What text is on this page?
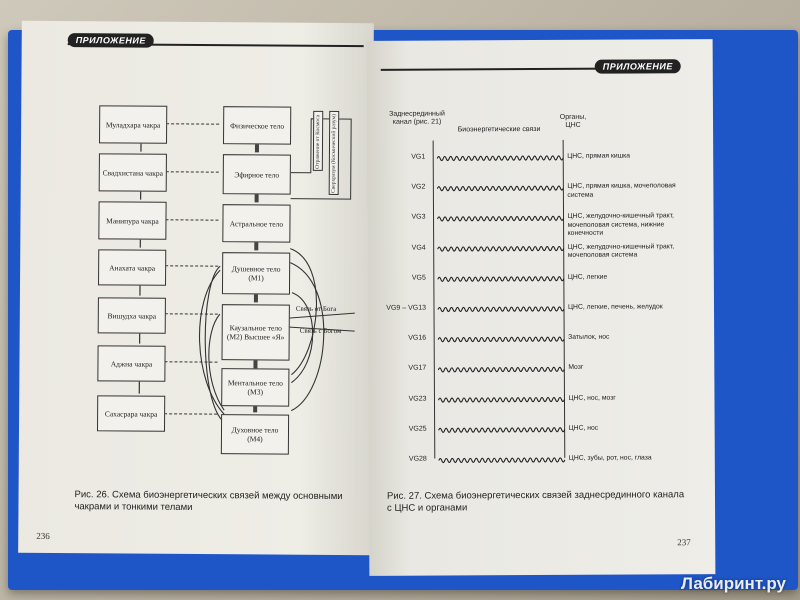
ПРИЛОЖЕНИЕ
Муладхара чакра
Свадхистана чакра
Манипура чакра
Анахата чакра
Вишудха чакра
Аджна чакра
Сахасрара чакра
Физическое тело
Эфирное тело
Астральное тело
Душевное тело (M1)
Каузальное тело (M2) Высшее «Я»
Ментальное тело (M3)
Духовное тело (M4)
Отражение от Космоса	Сверхразум (Космический разум)
Связь от Бога
Связь с Богом
Рис. 26. Схема биоэнергетических связей между основными чакрами и тонкими телами
236
ПРИЛОЖЕНИЕ
Заднесрединный канал (рис. 21)
Биоэнергетические связи
Органы, ЦНС
VG1	ЦНС, прямая кишка
VG2	ЦНС, прямая кишка, мочеполовая система
VG3	ЦНС, желудочно-кишечный тракт, мочеполовая система, нижние конечности
VG4	ЦНС, желудочно-кишечный тракт, мочеполовая система
VG5	ЦНС, легкие
VG9 – VG13	ЦНС, легкие, печень, желудок
VG16	Затылок, нос
VG17	Мозг
VG23	ЦНС, нос, мозг
VG25	ЦНС, нос
VG28	ЦНС, зубы, рот, нос, глаза
Рис. 27. Схема биоэнергетических связей заднесрединного канала с ЦНС и органами
237
Лабиринт.ру
